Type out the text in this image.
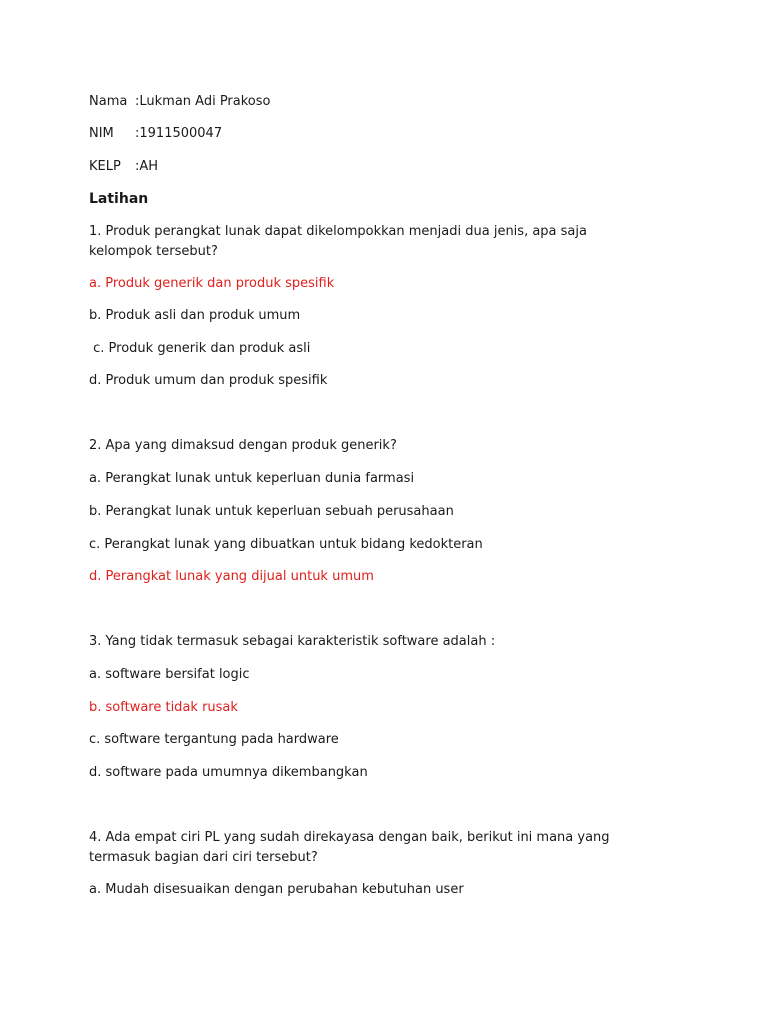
Nama :Lukman Adi Prakoso
NIM :1911500047
KELP :AH
Latihan
1. Produk perangkat lunak dapat dikelompokkan menjadi dua jenis, apa saja kelompok tersebut?
a. Produk generik dan produk spesifik
b. Produk asli dan produk umum
c. Produk generik dan produk asli
d. Produk umum dan produk spesifik
2. Apa yang dimaksud dengan produk generik?
a. Perangkat lunak untuk keperluan dunia farmasi
b. Perangkat lunak untuk keperluan sebuah perusahaan
c. Perangkat lunak yang dibuatkan untuk bidang kedokteran
d. Perangkat lunak yang dijual untuk umum
3. Yang tidak termasuk sebagai karakteristik software adalah :
a. software bersifat logic
b. software tidak rusak
c. software tergantung pada hardware
d. software pada umumnya dikembangkan
4. Ada empat ciri PL yang sudah direkayasa dengan baik, berikut ini mana yang termasuk bagian dari ciri tersebut?
a. Mudah disesuaikan dengan perubahan kebutuhan user
